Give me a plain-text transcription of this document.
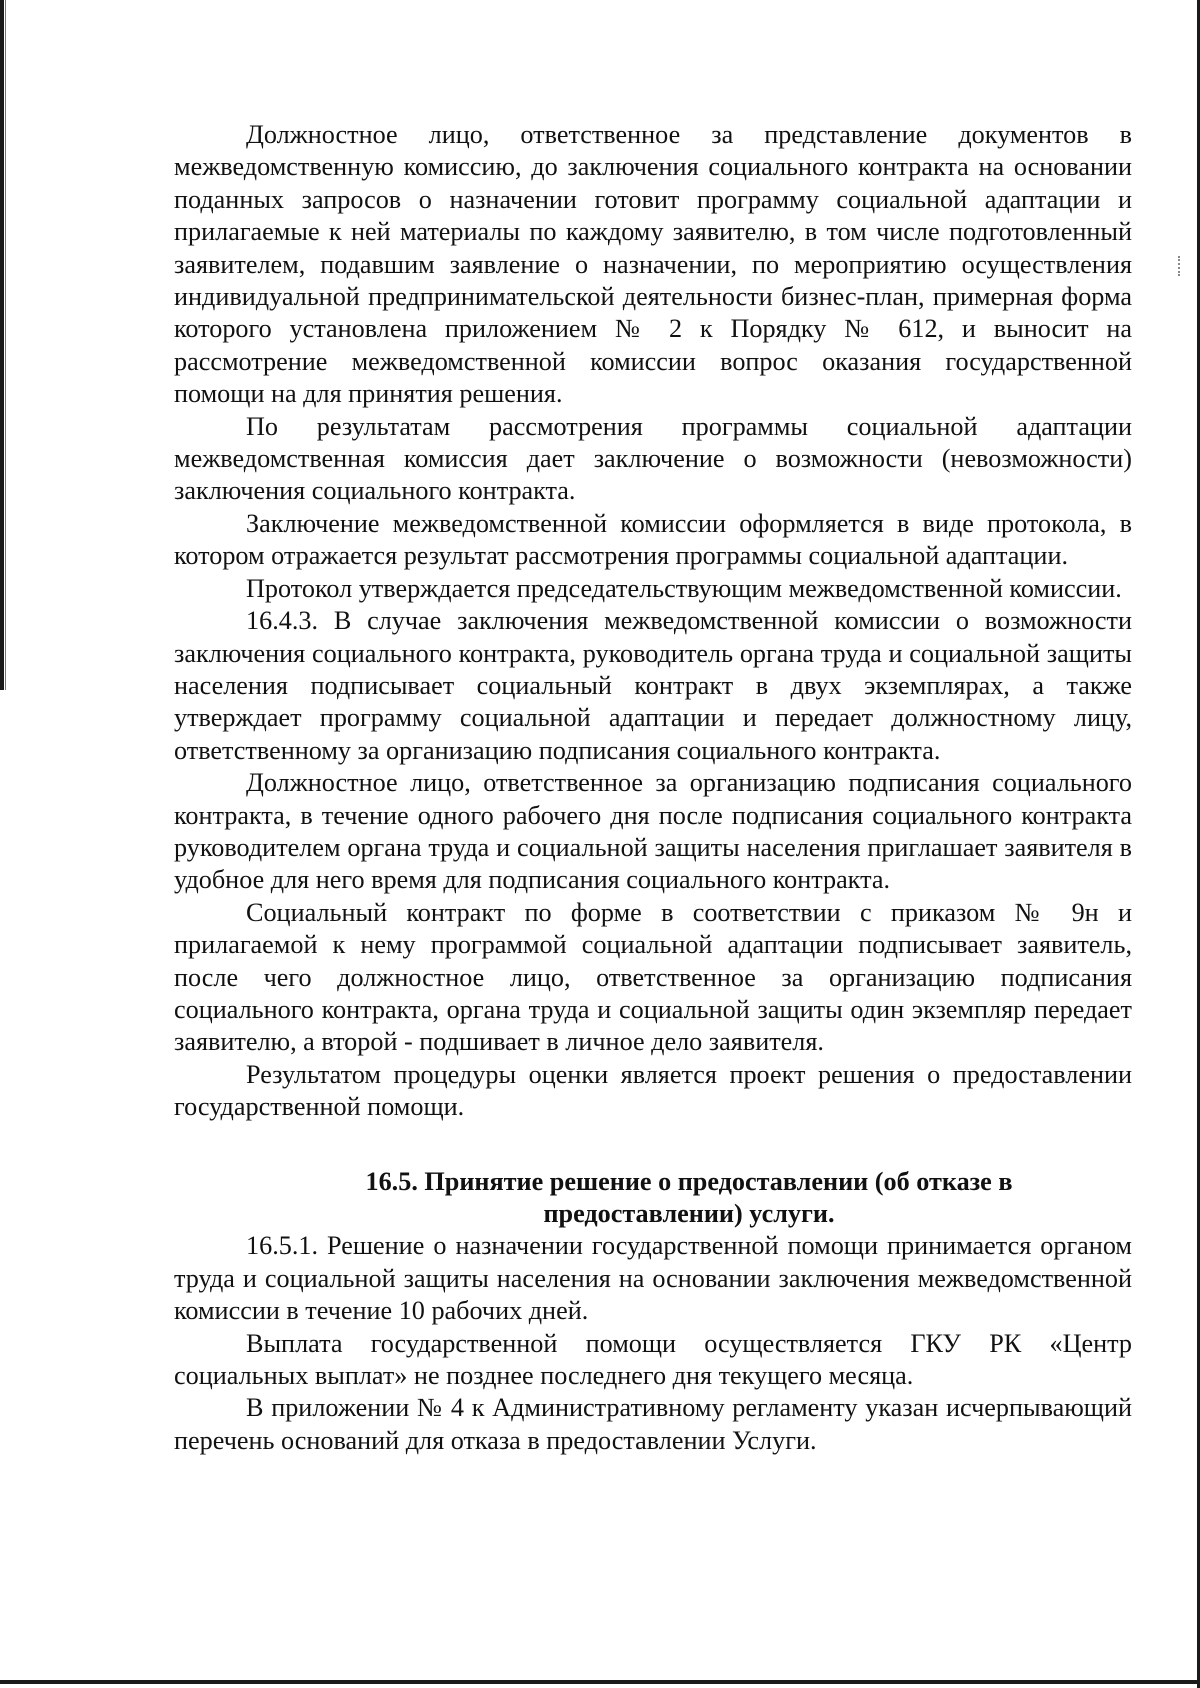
Должностное лицо, ответственное за представление документов в межведомственную комиссию, до заключения социального контракта на основании поданных запросов о назначении готовит программу социальной адаптации и прилагаемые к ней материалы по каждому заявителю, в том числе подготовленный заявителем, подавшим заявление о назначении, по мероприятию осуществления индивидуальной предпринимательской деятельности бизнес-план, примерная форма которого установлена приложением № 2 к Порядку № 612, и выносит на рассмотрение межведомственной комиссии вопрос оказания государственной помощи на для принятия решения.

По результатам рассмотрения программы социальной адаптации межведомственная комиссия дает заключение о возможности (невозможности) заключения социального контракта.

Заключение межведомственной комиссии оформляется в виде протокола, в котором отражается результат рассмотрения программы социальной адаптации.

Протокол утверждается председательствующим межведомственной комиссии.

16.4.3. В случае заключения межведомственной комиссии о возможности заключения социального контракта, руководитель органа труда и социальной защиты населения подписывает социальный контракт в двух экземплярах, а также утверждает программу социальной адаптации и передает должностному лицу, ответственному за организацию подписания социального контракта.

Должностное лицо, ответственное за организацию подписания социального контракта, в течение одного рабочего дня после подписания социального контракта руководителем органа труда и социальной защиты населения приглашает заявителя в удобное для него время для подписания социального контракта.

Социальный контракт по форме в соответствии с приказом № 9н и прилагаемой к нему программой социальной адаптации подписывает заявитель, после чего должностное лицо, ответственное за организацию подписания социального контракта, органа труда и социальной защиты один экземпляр передает заявителю, а второй - подшивает в личное дело заявителя.

Результатом процедуры оценки является проект решения о предоставлении государственной помощи.

16.5. Принятие решение о предоставлении (об отказе в
предоставлении) услуги.

16.5.1. Решение о назначении государственной помощи принимается органом труда и социальной защиты населения на основании заключения межведомственной комиссии в течение 10 рабочих дней.

Выплата государственной помощи осуществляется ГКУ РК «Центр социальных выплат» не позднее последнего дня текущего месяца.

В приложении № 4 к Административному регламенту указан исчерпывающий перечень оснований для отказа в предоставлении Услуги.
